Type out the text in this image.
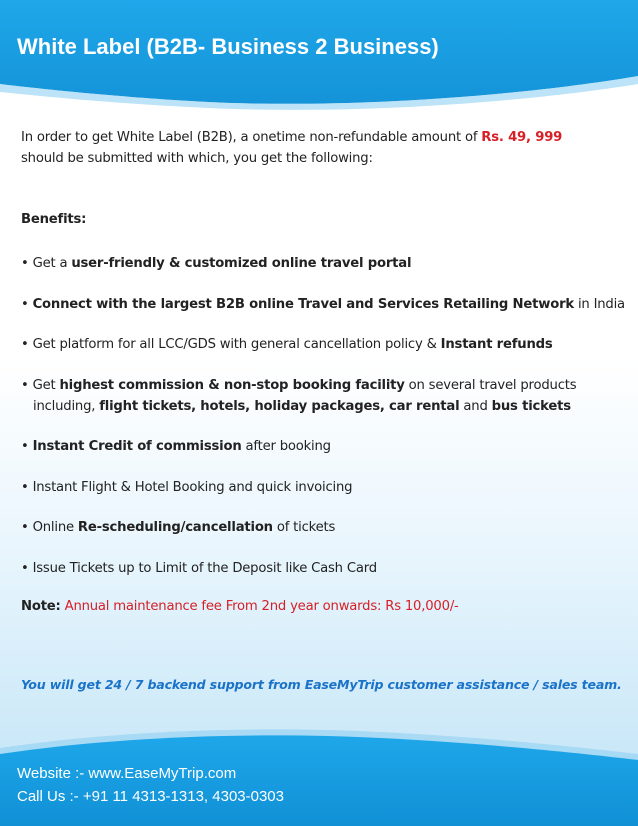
White Label (B2B- Business 2 Business)
In order to get White Label (B2B), a onetime non-refundable amount of Rs. 49, 999
should be submitted with which, you get the following:
Benefits:
• Get a user-friendly & customized online travel portal
• Connect with the largest B2B online Travel and Services Retailing Network in India
• Get platform for all LCC/GDS with general cancellation policy & Instant refunds
• Get highest commission & non-stop booking facility on several travel products
including, flight tickets, hotels, holiday packages, car rental and bus tickets
• Instant Credit of commission after booking
• Instant Flight & Hotel Booking and quick invoicing
• Online Re-scheduling/cancellation of tickets
• Issue Tickets up to Limit of the Deposit like Cash Card
Note: Annual maintenance fee From 2nd year onwards: Rs 10,000/-
You will get 24 / 7 backend support from EaseMyTrip customer assistance / sales team.
Website :- www.EaseMyTrip.com
Call Us :- +91 11 4313-1313, 4303-0303
